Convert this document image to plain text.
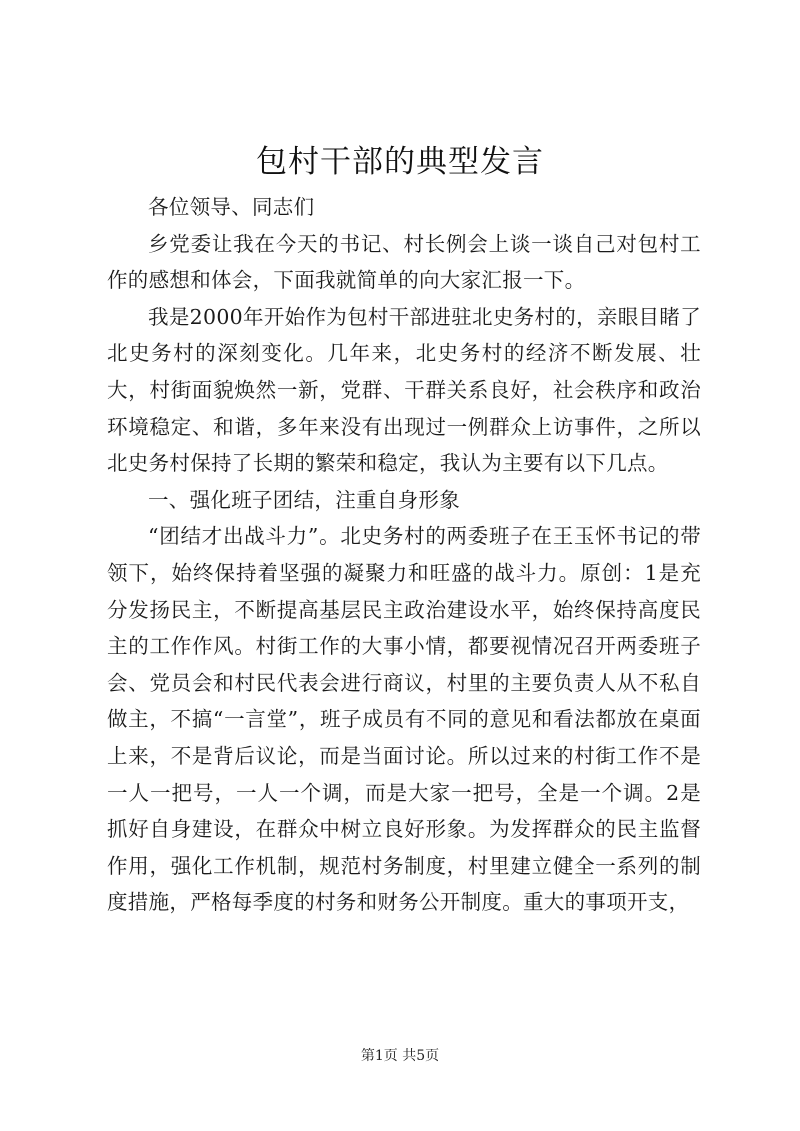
包村干部的典型发言

各位领导、同志们

乡党委让我在今天的书记、村长例会上谈一谈自己对包村工作的感想和体会，下面我就简单的向大家汇报一下。

我是2000年开始作为包村干部进驻北史务村的，亲眼目睹了北史务村的深刻变化。几年来，北史务村的经济不断发展、壮大，村街面貌焕然一新，党群、干群关系良好，社会秩序和政治环境稳定、和谐，多年来没有出现过一例群众上访事件，之所以北史务村保持了长期的繁荣和稳定，我认为主要有以下几点。

一、强化班子团结，注重自身形象

“团结才出战斗力”。北史务村的两委班子在王玉怀书记的带领下，始终保持着坚强的凝聚力和旺盛的战斗力。原创：1是充分发扬民主，不断提高基层民主政治建设水平，始终保持高度民主的工作作风。村街工作的大事小情，都要视情况召开两委班子会、党员会和村民代表会进行商议，村里的主要负责人从不私自做主，不搞“一言堂”，班子成员有不同的意见和看法都放在桌面上来，不是背后议论，而是当面讨论。所以过来的村街工作不是一人一把号，一人一个调，而是大家一把号，全是一个调。2是抓好自身建设，在群众中树立良好形象。为发挥群众的民主监督作用，强化工作机制，规范村务制度，村里建立健全一系列的制度措施，严格每季度的村务和财务公开制度。重大的事项开支，

第1页 共5页
